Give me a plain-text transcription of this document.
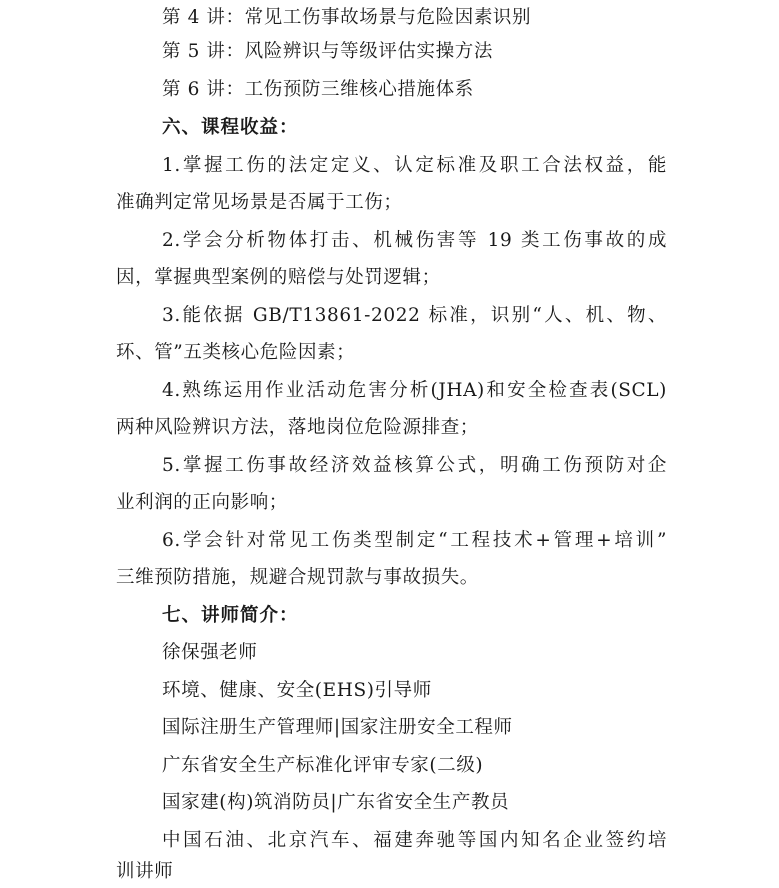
第 4 讲：常见工伤事故场景与危险因素识别
第 5 讲：风险辨识与等级评估实操方法
第 6 讲：工伤预防三维核心措施体系
六、课程收益：
1.掌握工伤的法定定义、认定标准及职工合法权益，能
准确判定常见场景是否属于工伤；
2.学会分析物体打击、机械伤害等 19 类工伤事故的成
因，掌握典型案例的赔偿与处罚逻辑；
3.能依据 GB/T13861-2022 标准，识别“人、机、物、
环、管”五类核心危险因素；
4.熟练运用作业活动危害分析(JHA)和安全检查表(SCL)
两种风险辨识方法，落地岗位危险源排查；
5.掌握工伤事故经济效益核算公式，明确工伤预防对企
业利润的正向影响；
6.学会针对常见工伤类型制定“工程技术+管理+培训”
三维预防措施，规避合规罚款与事故损失。
七、讲师简介：
徐保强老师
环境、健康、安全(EHS)引导师
国际注册生产管理师|国家注册安全工程师
广东省安全生产标准化评审专家(二级)
国家建(构)筑消防员|广东省安全生产教员
中国石油、北京汽车、福建奔驰等国内知名企业签约培
训讲师
